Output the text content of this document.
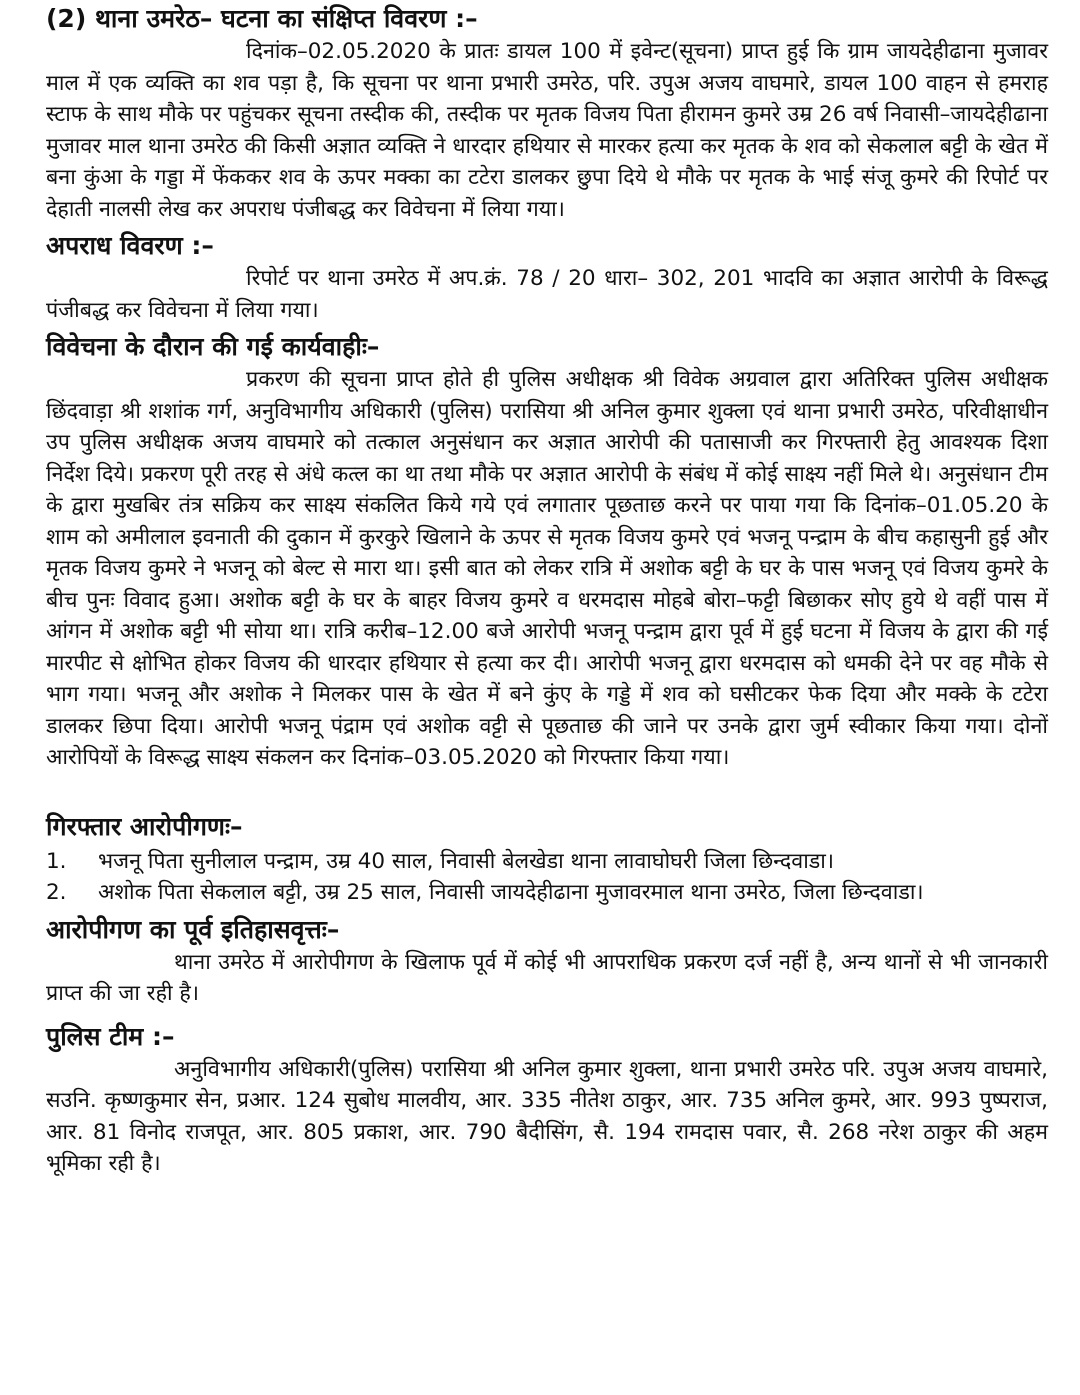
(2) थाना उमरेठ– घटना का संक्षिप्त विवरण :–

दिनांक–02.05.2020 के प्रातः डायल 100 में इवेन्ट(सूचना) प्राप्त हुई कि ग्राम जायदेहीढाना मुजावर माल में एक व्यक्ति का शव पड़ा है, कि सूचना पर थाना प्रभारी उमरेठ, परि. उपुअ अजय वाघमारे, डायल 100 वाहन से हमराह स्टाफ के साथ मौके पर पहुंचकर सूचना तस्दीक की, तस्दीक पर मृतक विजय पिता हीरामन कुमरे उम्र 26 वर्ष निवासी–जायदेहीढाना मुजावर माल थाना उमरेठ की किसी अज्ञात व्यक्ति ने धारदार हथियार से मारकर हत्या कर मृतक के शव को सेकलाल बट्टी के खेत में बना कुंआ के गड्डा में फेंककर शव के ऊपर मक्का का टटेरा डालकर छुपा दिये थे मौके पर मृतक के भाई संजू कुमरे की रिपोर्ट पर देहाती नालसी लेख कर अपराध पंजीबद्ध कर विवेचना में लिया गया।

अपराध विवरण :–

रिपोर्ट पर थाना उमरेठ में अप.क्रं. 78 / 20 धारा– 302, 201 भादवि का अज्ञात आरोपी के विरूद्ध पंजीबद्ध कर विवेचना में लिया गया।

विवेचना के दौरान की गई कार्यवाहीः–

प्रकरण की सूचना प्राप्त होते ही पुलिस अधीक्षक श्री विवेक अग्रवाल द्वारा अतिरिक्त पुलिस अधीक्षक छिंदवाड़ा श्री शशांक गर्ग, अनुविभागीय अधिकारी (पुलिस) परासिया श्री अनिल कुमार शुक्ला एवं थाना प्रभारी उमरेठ, परिवीक्षाधीन उप पुलिस अधीक्षक अजय वाघमारे को तत्काल अनुसंधान कर अज्ञात आरोपी की पतासाजी कर गिरफ्तारी हेतु आवश्यक दिशा निर्देश दिये। प्रकरण पूरी तरह से अंधे कत्ल का था तथा मौके पर अज्ञात आरोपी के संबंध में कोई साक्ष्य नहीं मिले थे। अनुसंधान टीम के द्वारा मुखबिर तंत्र सक्रिय कर साक्ष्य संकलित किये गये एवं लगातार पूछताछ करने पर पाया गया कि दिनांक–01.05.20 के शाम को अमीलाल इवनाती की दुकान में कुरकुरे खिलाने के ऊपर से मृतक विजय कुमरे एवं भजनू पन्द्राम के बीच कहासुनी हुई और मृतक विजय कुमरे ने भजनू को बेल्ट से मारा था। इसी बात को लेकर रात्रि में अशोक बट्टी के घर के पास भजनू एवं विजय कुमरे के बीच पुनः विवाद हुआ। अशोक बट्टी के घर के बाहर विजय कुमरे व धरमदास मोहबे बोरा–फट्टी बिछाकर सोए हुये थे वहीं पास में आंगन में अशोक बट्टी भी सोया था। रात्रि करीब–12.00 बजे आरोपी भजनू पन्द्राम द्वारा पूर्व में हुई घटना में विजय के द्वारा की गई मारपीट से क्षोभित होकर विजय की धारदार हथियार से हत्या कर दी। आरोपी भजनू द्वारा धरमदास को धमकी देने पर वह मौके से भाग गया। भजनू और अशोक ने मिलकर पास के खेत में बने कुंए के गड्डे में शव को घसीटकर फेक दिया और मक्के के टटेरा डालकर छिपा दिया। आरोपी भजनू पंद्राम एवं अशोक वट्टी से पूछताछ की जाने पर उनके द्वारा जुर्म स्वीकार किया गया। दोनों आरोपियों के विरूद्ध साक्ष्य संकलन कर दिनांक–03.05.2020 को गिरफ्तार किया गया।

गिरफ्तार आरोपीगणः–
1.	भजनू पिता सुनीलाल पन्द्राम, उम्र 40 साल, निवासी बेलखेडा थाना लावाघोघरी जिला छिन्दवाडा।
2.	अशोक पिता सेकलाल बट्टी, उम्र 25 साल, निवासी जायदेहीढाना मुजावरमाल थाना उमरेठ, जिला छिन्दवाडा।
आरोपीगण का पूर्व इतिहासवृत्तः–

थाना उमरेठ में आरोपीगण के खिलाफ पूर्व में कोई भी आपराधिक प्रकरण दर्ज नहीं है, अन्य थानों से भी जानकारी प्राप्त की जा रही है।

पुलिस टीम :–

अनुविभागीय अधिकारी(पुलिस) परासिया श्री अनिल कुमार शुक्ला, थाना प्रभारी उमरेठ परि. उपुअ अजय वाघमारे, सउनि. कृष्णकुमार सेन, प्रआर. 124 सुबोध मालवीय, आर. 335 नीतेश ठाकुर, आर. 735 अनिल कुमरे, आर. 993 पुष्पराज, आर. 81 विनोद राजपूत, आर. 805 प्रकाश, आर. 790 बैदीसिंग, सै. 194 रामदास पवार, सै. 268 नरेश ठाकुर की अहम भूमिका रही है।
